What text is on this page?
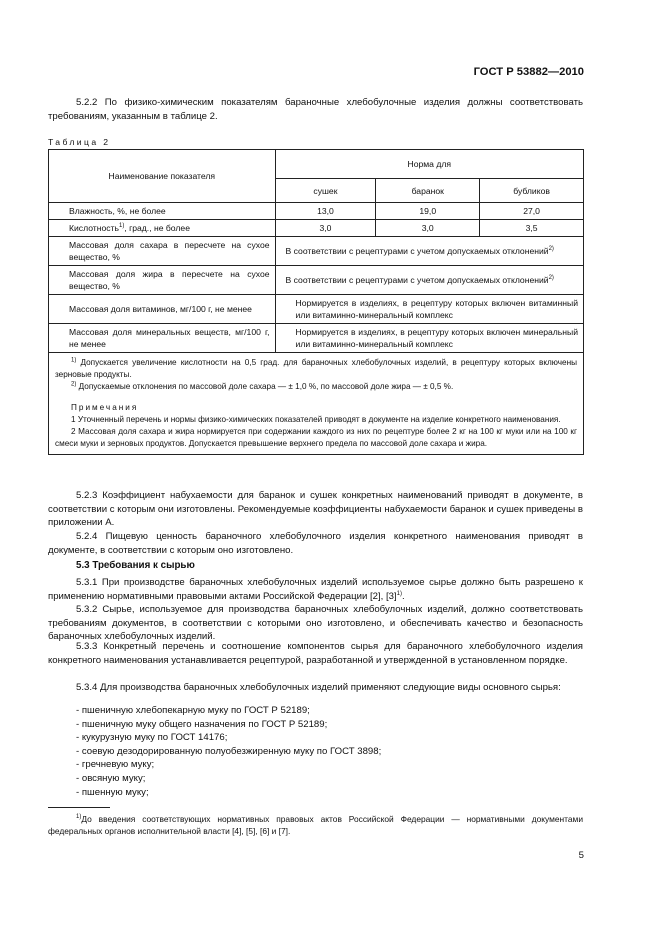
ГОСТ Р 53882—2010
5.2.2 По физико-химическим показателям бараночные хлебобулочные изделия должны соответствовать требованиям, указанным в таблице 2.
Таблица 2
Наименование показателя	Норма для		
	сушек	баранок	бубликов
Влажность, %, не более	13,0	19,0	27,0
Кислотность$^{1)}$, град., не более	3,0	3,0	3,5
Массовая доля сахара в пересчете на сухое вещество, %	В соответствии с рецептурами с учетом допускаемых отклонений$^{2)}$
Массовая доля жира в пересчете на сухое вещество, %	В соответствии с рецептурами с учетом допускаемых отклонений$^{2)}$
Массовая доля витаминов, мг/100 г, не менее	Нормируется в изделиях, в рецептуру которых включен витаминный или витаминно-минеральный комплекс		
Массовая доля минеральных веществ, мг/100 г, не менее	Нормируется в изделиях, в рецептуру которых включен минеральный или витаминно-минеральный комплекс		

$^{1)}$ Допускается увеличение кислотности на 0,5 град. для бараночных хлебобулочных изделий, в рецептуру которых включены зерновые продукты.

$^{2)}$ Допускаемые отклонения по массовой доле сахара — ± 1,0 %, по массовой доле жира — ± 0,5 %.

Примечания

1 Уточненный перечень и нормы физико-химических показателей приводят в документе на изделие конкретного наименования.

2 Массовая доля сахара и жира нормируется при содержании каждого из них по рецептуре более 2 кг на 100 кг муки или на 100 кг смеси муки и зерновых продуктов. Допускается превышение верхнего предела по массовой доле сахара и жира.			

5.2.3 Коэффициент набухаемости для баранок и сушек конкретных наименований приводят в документе, в соответствии с которым они изготовлены. Рекомендуемые коэффициенты набухаемости баранок и сушек приведены в приложении А.
5.2.4 Пищевую ценность бараночного хлебобулочного изделия конкретного наименования приводят в документе, в соответствии с которым оно изготовлено.
5.3 Требования к сырью
5.3.1 При производстве бараночных хлебобулочных изделий используемое сырье должно быть разрешено к применению нормативными правовыми актами Российской Федерации [2], $[3]^{1)}$.
5.3.2 Сырье, используемое для производства бараночных хлебобулочных изделий, должно соответствовать требованиям документов, в соответствии с которыми оно изготовлено, и обеспечивать качество и безопасность бараночных хлебобулочных изделий.
5.3.3 Конкретный перечень и соотношение компонентов сырья для бараночного хлебобулочного изделия конкретного наименования устанавливается рецептурой, разработанной и утвержденной в установленном порядке.
5.3.4 Для производства бараночных хлебобулочных изделий применяют следующие виды основного сырья:
- пшеничную хлебопекарную муку по ГОСТ Р 52189;
- пшеничную муку общего назначения по ГОСТ Р 52189;
- кукурузную муку по ГОСТ 14176;
- соевую дезодорированную полуобезжиренную муку по ГОСТ 3898;
- гречневую муку;
- овсяную муку;
- пшенную муку;
$^{1)}$До введения соответствующих нормативных правовых актов Российской Федерации — нормативными документами федеральных органов исполнительной власти [4], [5], [6] и [7].
5
